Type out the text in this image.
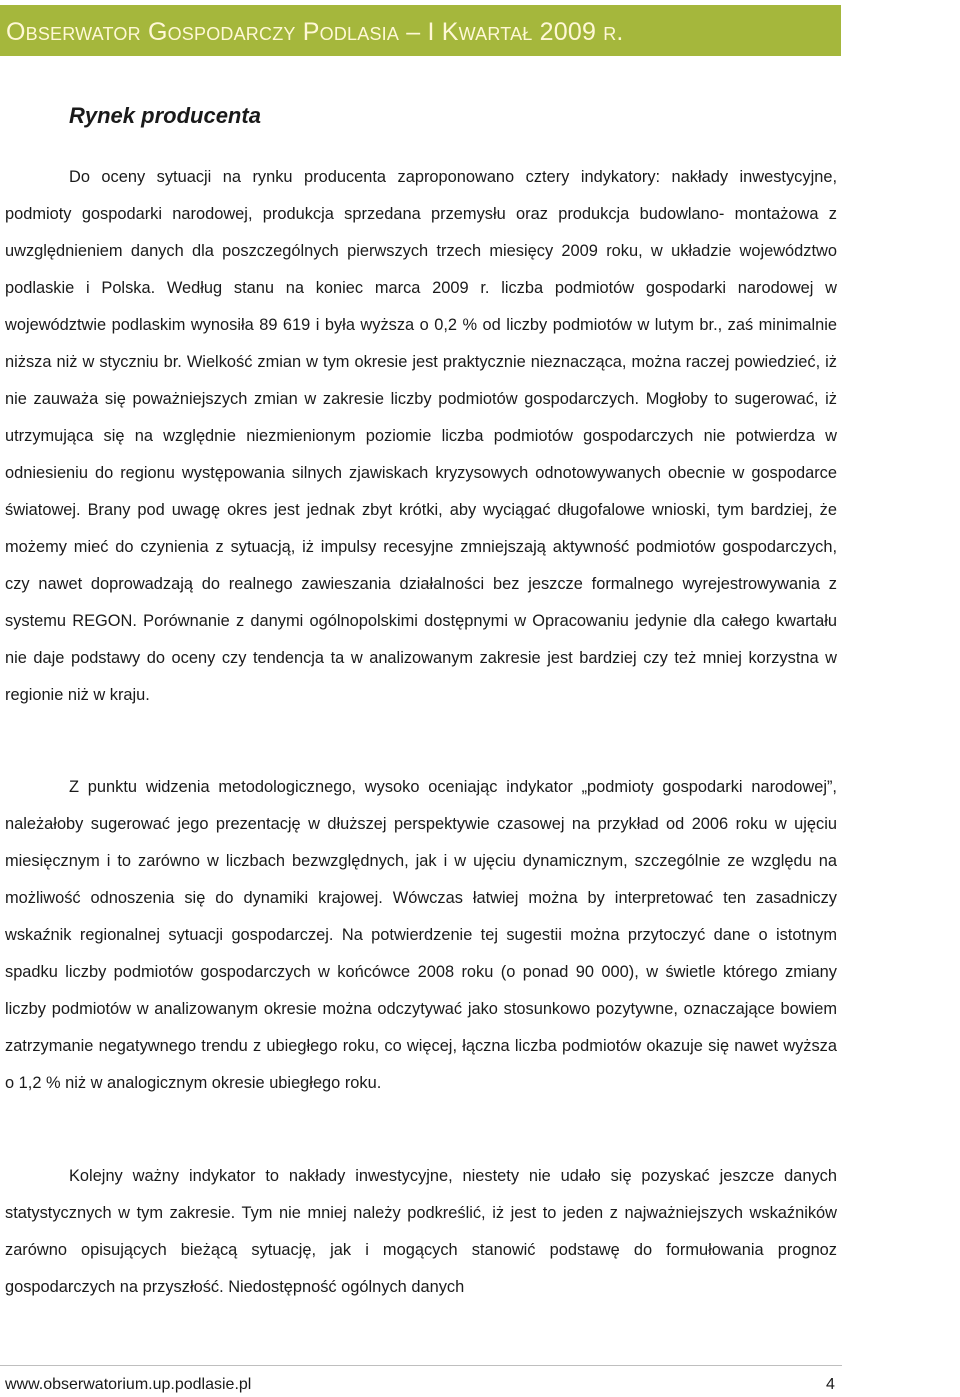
Obserwator Gospodarczy Podlasia – I Kwartał 2009 r.
Rynek producenta

Do oceny sytuacji na rynku producenta zaproponowano cztery indykatory: nakłady inwestycyjne, podmioty gospodarki narodowej, produkcja sprzedana przemysłu oraz produkcja budowlano- montażowa z uwzględnieniem danych dla poszczególnych pierwszych trzech miesięcy 2009 roku, w układzie województwo podlaskie i Polska. Według stanu na koniec marca 2009 r. liczba podmiotów gospodarki narodowej w województwie podlaskim wynosiła 89 619 i była wyższa o 0,2 % od liczby podmiotów w lutym br., zaś minimalnie niższa niż w styczniu br. Wielkość zmian w tym okresie jest praktycznie nieznacząca, można raczej powiedzieć, iż nie zauważa się poważniejszych zmian w zakresie liczby podmiotów gospodarczych. Mogłoby to sugerować, iż utrzymująca się na względnie niezmienionym poziomie liczba podmiotów gospodarczych nie potwierdza w odniesieniu do regionu występowania silnych zjawiskach kryzysowych odnotowywanych obecnie w gospodarce światowej. Brany pod uwagę okres jest jednak zbyt krótki, aby wyciągać długofalowe wnioski, tym bardziej, że możemy mieć do czynienia z sytuacją, iż impulsy recesyjne zmniejszają aktywność podmiotów gospodarczych, czy nawet doprowadzają do realnego zawieszania działalności bez jeszcze formalnego wyrejestrowywania z systemu REGON. Porównanie z danymi ogólnopolskimi dostępnymi w Opracowaniu jedynie dla całego kwartału nie daje podstawy do oceny czy tendencja ta w analizowanym zakresie jest bardziej czy też mniej korzystna w regionie niż w kraju.

Z punktu widzenia metodologicznego, wysoko oceniając indykator „podmioty gospodarki narodowej”, należałoby sugerować jego prezentację w dłuższej perspektywie czasowej na przykład od 2006 roku w ujęciu miesięcznym i to zarówno w liczbach bezwzględnych, jak i w ujęciu dynamicznym, szczególnie ze względu na możliwość odnoszenia się do dynamiki krajowej. Wówczas łatwiej można by interpretować ten zasadniczy wskaźnik regionalnej sytuacji gospodarczej. Na potwierdzenie tej sugestii można przytoczyć dane o istotnym spadku liczby podmiotów gospodarczych w końcówce 2008 roku (o ponad 90 000), w świetle którego zmiany liczby podmiotów w analizowanym okresie można odczytywać jako stosunkowo pozytywne, oznaczające bowiem zatrzymanie negatywnego trendu z ubiegłego roku, co więcej, łączna liczba podmiotów okazuje się nawet wyższa o 1,2 % niż w analogicznym okresie ubiegłego roku.

Kolejny ważny indykator to nakłady inwestycyjne, niestety nie udało się pozyskać jeszcze danych statystycznych w tym zakresie. Tym nie mniej należy podkreślić, iż jest to jeden z najważniejszych wskaźników zarówno opisujących bieżącą sytuację, jak i mogących stanowić podstawę do formułowania prognoz gospodarczych na przyszłość. Niedostępność ogólnych danych

www.obserwatorium.up.podlasie.pl	4
